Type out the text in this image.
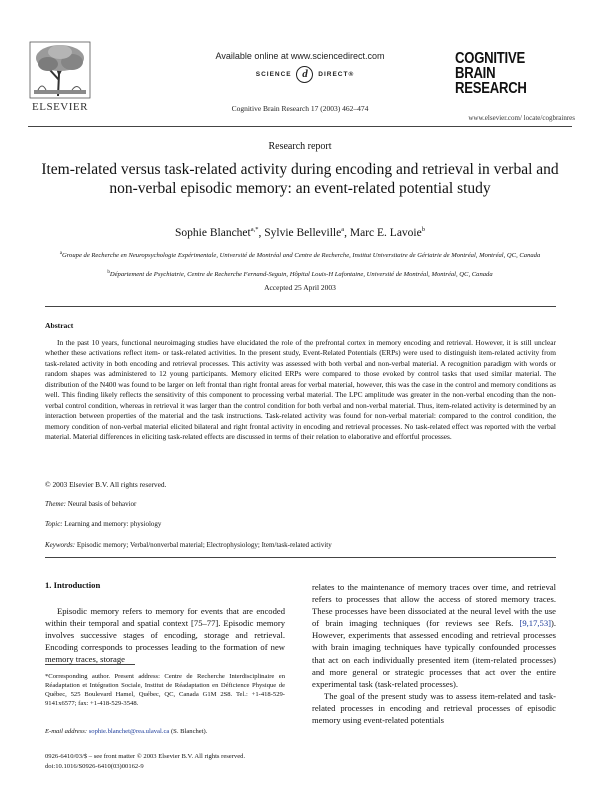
ELSEVIER
Available online at www.sciencedirect.com
SCIENCE d DIRECT®
Cognitive Brain Research 17 (2003) 462–474
COGNITIVE
BRAIN
RESEARCH
www.elsevier.com/ locate/cogbrainres
Research report
Item-related versus task-related activity during encoding and retrieval in verbal and non-verbal episodic memory: an event-related potential study
Sophie Blanchet$^{a,*}$, Sylvie Belleville$^a$, Marc E. Lavoie$^b$
$^a$Groupe de Recherche en Neuropsychologie Expérimentale, Université de Montréal and Centre de Recherche, Institut Universitaire de Gériatrie de Montréal, Montréal, QC, Canada
$^b$Département de Psychiatrie, Centre de Recherche Fernand-Seguin, Hôpital Louis-H Lafontaine, Université de Montréal, Montréal, QC, Canada
Accepted 25 April 2003
Abstract
In the past 10 years, functional neuroimaging studies have elucidated the role of the prefrontal cortex in memory encoding and retrieval. However, it is still unclear whether these activations reflect item- or task-related activities. In the present study, Event-Related Potentials (ERPs) were used to distinguish item-related activity from task-related activity in both encoding and retrieval processes. This activity was assessed with both verbal and non-verbal material. A recognition paradigm with words or random shapes was administered to 12 young participants. Memory elicited ERPs were compared to those evoked by control tasks that used similar material. The distribution of the N400 was found to be larger on left frontal than right frontal areas for verbal material, however, this was the case in the control and memory conditions as well. This finding likely reflects the sensitivity of this component to processing verbal material. The LPC amplitude was greater in the non-verbal encoding than the non-verbal control condition, whereas in retrieval it was larger than the control condition for both verbal and non-verbal material. Thus, item-related activity is determined by an interaction between properties of the material and the task instructions. Task-related activity was found for non-verbal material: compared to the control condition, the memory condition of non-verbal material elicited bilateral and right frontal activity in encoding and retrieval processes. No task-related effect was reported with the verbal material. Material differences in eliciting task-related effects are discussed in terms of their relation to elaborative and effortful processes.
© 2003 Elsevier B.V. All rights reserved.
Theme: Neural basis of behavior
Topic: Learning and memory: physiology
Keywords: Episodic memory; Verbal/nonverbal material; Electrophysiology; Item/task-related activity
1. Introduction
Episodic memory refers to memory for events that are encoded within their temporal and spatial context [75–77]. Episodic memory involves successive stages of encoding, storage and retrieval. Encoding corresponds to processes leading to the formation of new memory traces, storage
relates to the maintenance of memory traces over time, and retrieval refers to processes that allow the access of stored memory traces. These processes have been dissociated at the neural level with the use of brain imaging techniques (for reviews see Refs. [9,17,53]). However, experiments that assessed encoding and retrieval processes with brain imaging techniques have typically confounded processes that act on each individually presented item (item-related processes) and more general or strategic processes that act over the entire experimental task (task-related processes).
The goal of the present study was to assess item-related and task-related processes in encoding and retrieval processes of episodic memory using event-related potentials
*Corresponding author. Present address: Centre de Recherche Interdisciplinaire en Réadaptation et Intégration Sociale, Institut de Réadaptation en Déficience Physique de Québec, 525 Boulevard Hamel, Québec, QC, Canada G1M 2S8. Tel.: +1-418-529-9141x6577; fax: +1-418-529-3548.
E-mail address: sophie.blanchet@rea.ulaval.ca (S. Blanchet).
0926-6410/03/$ – see front matter © 2003 Elsevier B.V. All rights reserved.
doi:10.1016/S0926-6410(03)00162-9
